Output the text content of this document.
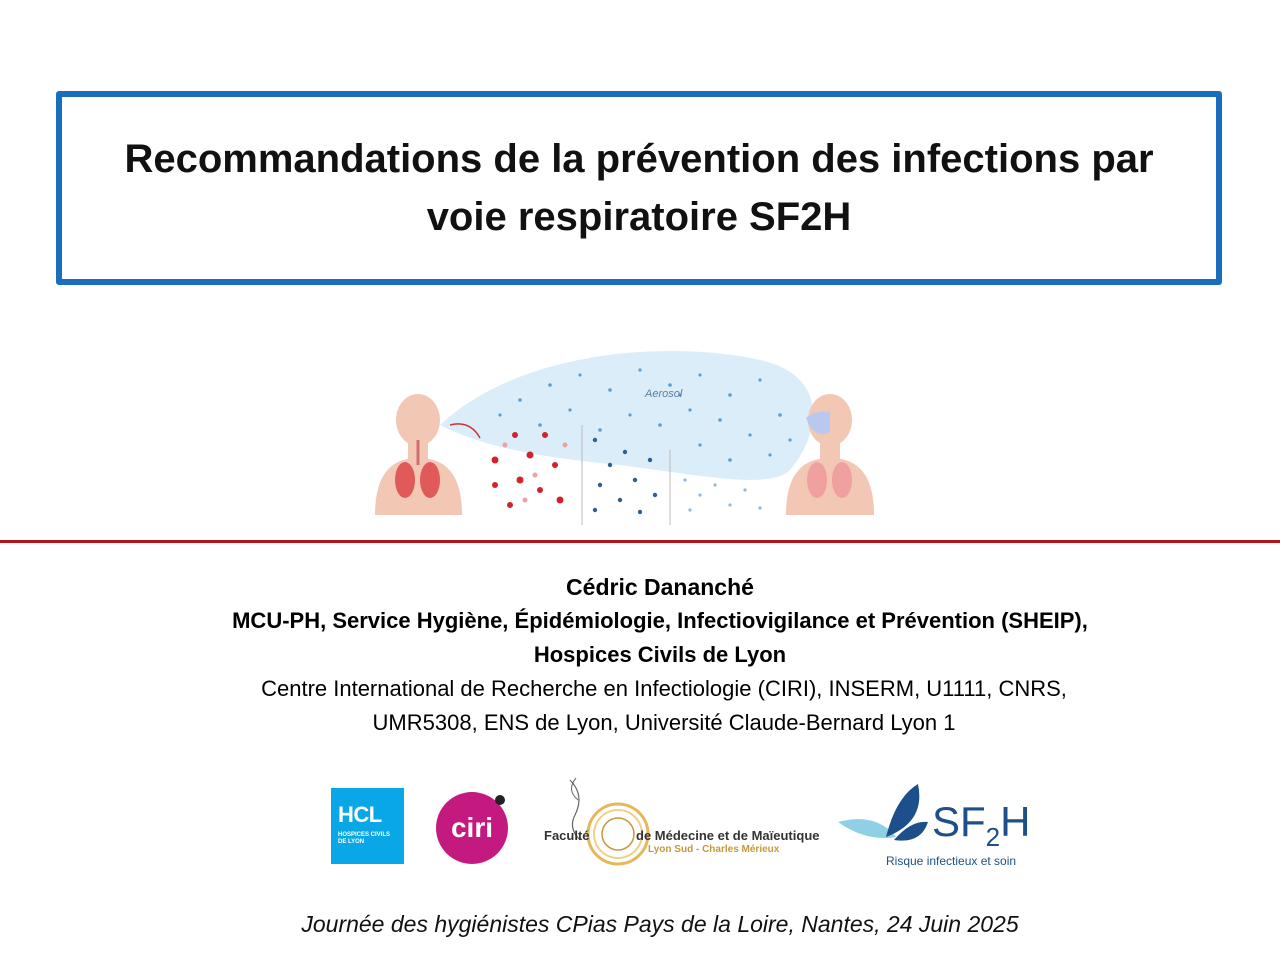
Recommandations de la prévention des infections par
voie respiratoire SF2H
Aerosol
Cédric Dananché
MCU-PH, Service Hygiène, Épidémiologie, Infectiovigilance et Prévention (SHEIP),
Hospices Civils de Lyon
Centre International de Recherche en Infectiologie (CIRI), INSERM, U1111, CNRS,
UMR5308, ENS de Lyon, Université Claude-Bernard Lyon 1
HCL
HOSPICES CIVILS DE LYON	ciri	Faculté	de Médecine et de Maïeutique
Lyon Sud - Charles Mérieux
$SF_2H$
Risque infectieux et soin
Journée des hygiénistes CPias Pays de la Loire, Nantes, 24 Juin 2025
